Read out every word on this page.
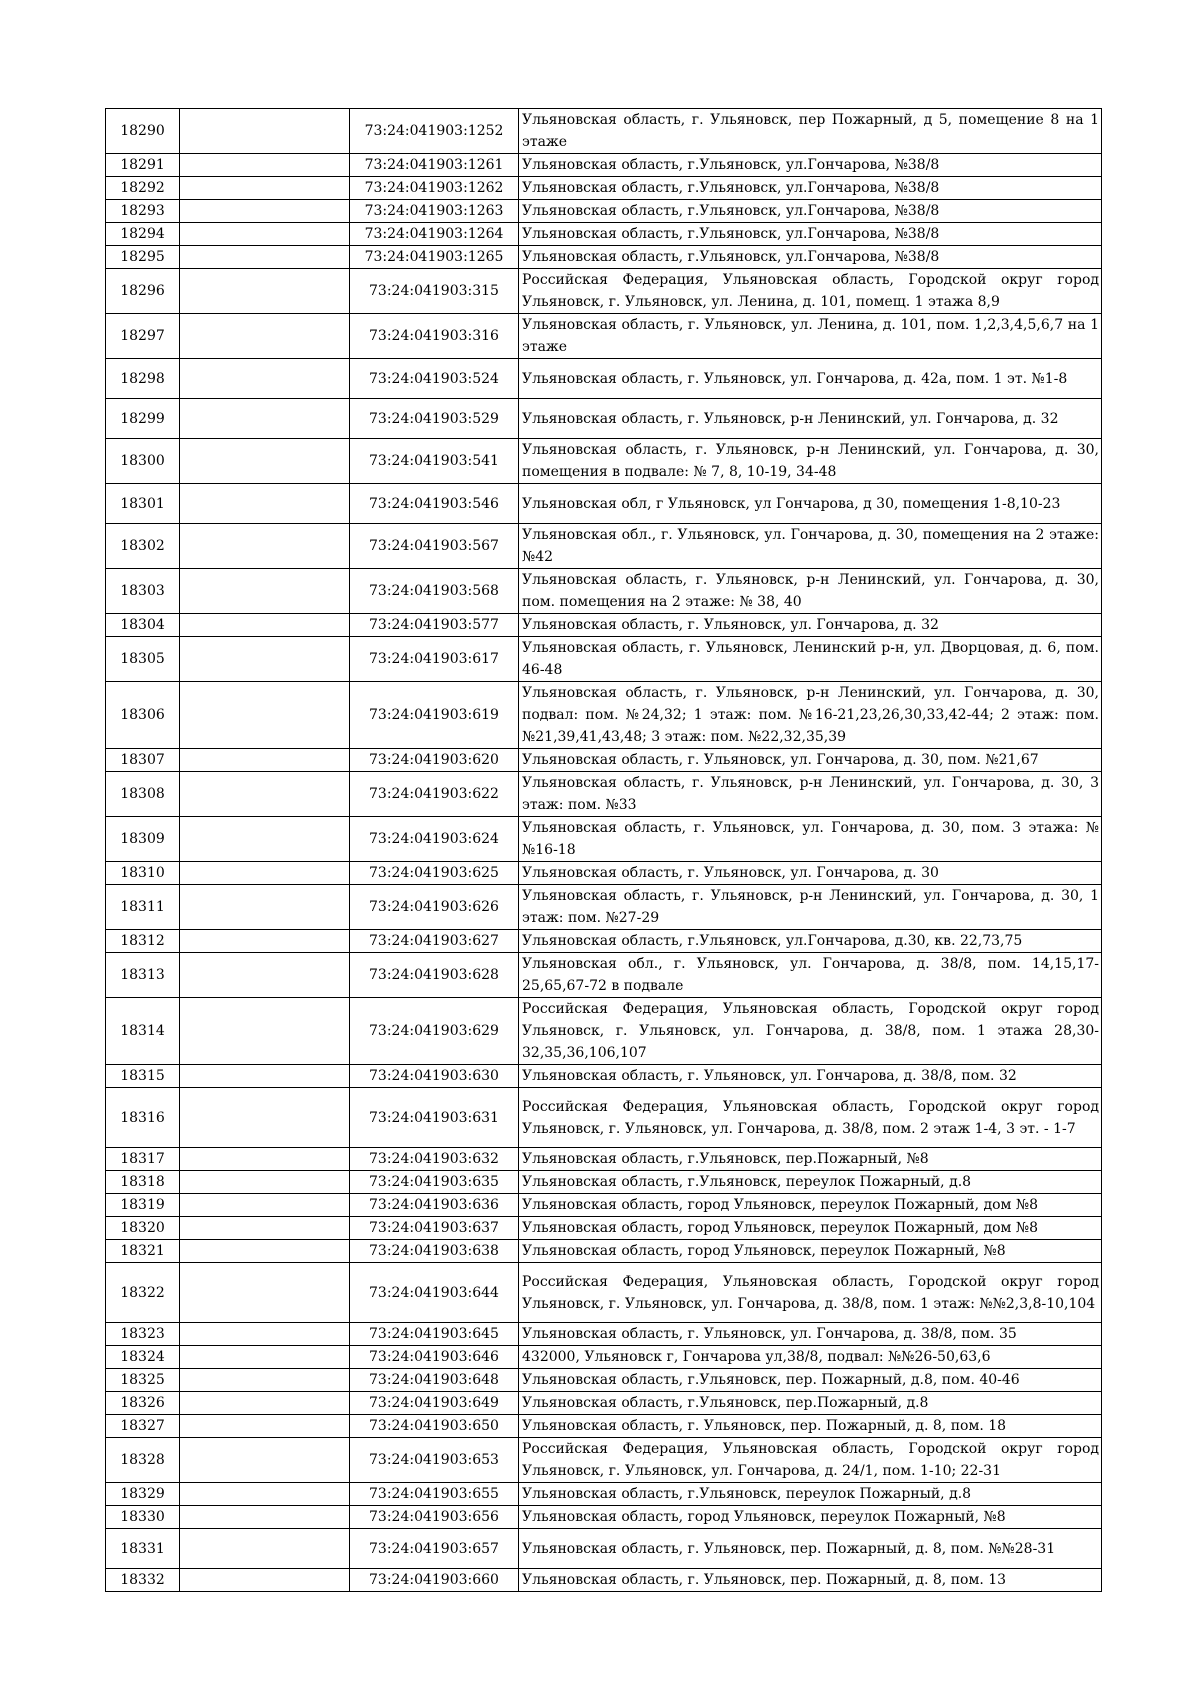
18290		73:24:041903:1252	Ульяновская область, г. Ульяновск, пер Пожарный, д 5, помещение 8 на 1 этаже
18291		73:24:041903:1261	Ульяновская область, г.Ульяновск, ул.Гончарова, №38/8
18292		73:24:041903:1262	Ульяновская область, г.Ульяновск, ул.Гончарова, №38/8
18293		73:24:041903:1263	Ульяновская область, г.Ульяновск, ул.Гончарова, №38/8
18294		73:24:041903:1264	Ульяновская область, г.Ульяновск, ул.Гончарова, №38/8
18295		73:24:041903:1265	Ульяновская область, г.Ульяновск, ул.Гончарова, №38/8
18296		73:24:041903:315	Российская Федерация, Ульяновская область, Городской округ город Ульяновск, г. Ульяновск, ул. Ленина, д. 101, помещ. 1 этажа 8,9
18297		73:24:041903:316	Ульяновская область, г. Ульяновск, ул. Ленина, д. 101, пом. 1,2,3,4,5,6,7 на 1 этаже
18298		73:24:041903:524	Ульяновская область, г. Ульяновск, ул. Гончарова, д. 42а, пом. 1 эт. №1-8
18299		73:24:041903:529	Ульяновская область, г. Ульяновск, р-н Ленинский, ул. Гончарова, д. 32
18300		73:24:041903:541	Ульяновская область, г. Ульяновск, р-н Ленинский, ул. Гончарова, д. 30, помещения в подвале: № 7, 8, 10-19, 34-48
18301		73:24:041903:546	Ульяновская обл, г Ульяновск, ул Гончарова, д 30, помещения 1-8,10-23
18302		73:24:041903:567	Ульяновская обл., г. Ульяновск, ул. Гончарова, д. 30, помещения на 2 этаже: №42
18303		73:24:041903:568	Ульяновская область, г. Ульяновск, р-н Ленинский, ул. Гончарова, д. 30, пом. помещения на 2 этаже: № 38, 40
18304		73:24:041903:577	Ульяновская область, г. Ульяновск, ул. Гончарова, д. 32
18305		73:24:041903:617	Ульяновская область, г. Ульяновск, Ленинский р-н, ул. Дворцовая, д. 6, пом. 46-48
18306		73:24:041903:619	Ульяновская область, г. Ульяновск, р-н Ленинский, ул. Гончарова, д. 30, подвал: пом. №24,32; 1 этаж: пом. №16-21,23,26,30,33,42-44; 2 этаж: пом. №21,39,41,43,48; 3 этаж: пом. №22,32,35,39
18307		73:24:041903:620	Ульяновская область, г. Ульяновск, ул. Гончарова, д. 30, пом. №21,67
18308		73:24:041903:622	Ульяновская область, г. Ульяновск, р-н Ленинский, ул. Гончарова, д. 30, 3 этаж: пом. №33
18309		73:24:041903:624	Ульяновская область, г. Ульяновск, ул. Гончарова, д. 30, пом. 3 этажа: №№16-18
18310		73:24:041903:625	Ульяновская область, г. Ульяновск, ул. Гончарова, д. 30
18311		73:24:041903:626	Ульяновская область, г. Ульяновск, р-н Ленинский, ул. Гончарова, д. 30, 1 этаж: пом. №27-29
18312		73:24:041903:627	Ульяновская область, г.Ульяновск, ул.Гончарова, д.30, кв. 22,73,75
18313		73:24:041903:628	Ульяновская обл., г. Ульяновск, ул. Гончарова, д. 38/8, пом. 14,15,17-25,65,67-72 в подвале
18314		73:24:041903:629	Российская Федерация, Ульяновская область, Городской округ город Ульяновск, г. Ульяновск, ул. Гончарова, д. 38/8, пом. 1 этажа 28,30-32,35,36,106,107
18315		73:24:041903:630	Ульяновская область, г. Ульяновск, ул. Гончарова, д. 38/8, пом. 32
18316		73:24:041903:631	Российская Федерация, Ульяновская область, Городской округ город Ульяновск, г. Ульяновск, ул. Гончарова, д. 38/8, пом. 2 этаж 1-4, 3 эт. - 1-7
18317		73:24:041903:632	Ульяновская область, г.Ульяновск, пер.Пожарный, №8
18318		73:24:041903:635	Ульяновская область, г.Ульяновск, переулок Пожарный, д.8
18319		73:24:041903:636	Ульяновская область, город Ульяновск, переулок Пожарный, дом №8
18320		73:24:041903:637	Ульяновская область, город Ульяновск, переулок Пожарный, дом №8
18321		73:24:041903:638	Ульяновская область, город Ульяновск, переулок Пожарный, №8
18322		73:24:041903:644	Российская Федерация, Ульяновская область, Городской округ город Ульяновск, г. Ульяновск, ул. Гончарова, д. 38/8, пом. 1 этаж: №№2,3,8-10,104
18323		73:24:041903:645	Ульяновская область, г. Ульяновск, ул. Гончарова, д. 38/8, пом. 35
18324		73:24:041903:646	432000, Ульяновск г, Гончарова ул,38/8, подвал: №№26-50,63,6
18325		73:24:041903:648	Ульяновская область, г.Ульяновск, пер. Пожарный, д.8, пом. 40-46
18326		73:24:041903:649	Ульяновская область, г.Ульяновск, пер.Пожарный, д.8
18327		73:24:041903:650	Ульяновская область, г. Ульяновск, пер. Пожарный, д. 8, пом. 18
18328		73:24:041903:653	Российская Федерация, Ульяновская область, Городской округ город Ульяновск, г. Ульяновск, ул. Гончарова, д. 24/1, пом. 1-10; 22-31
18329		73:24:041903:655	Ульяновская область, г.Ульяновск, переулок Пожарный, д.8
18330		73:24:041903:656	Ульяновская область, город Ульяновск, переулок Пожарный, №8
18331		73:24:041903:657	Ульяновская область, г. Ульяновск, пер. Пожарный, д. 8, пом. №№28-31
18332		73:24:041903:660	Ульяновская область, г. Ульяновск, пер. Пожарный, д. 8, пом. 13
